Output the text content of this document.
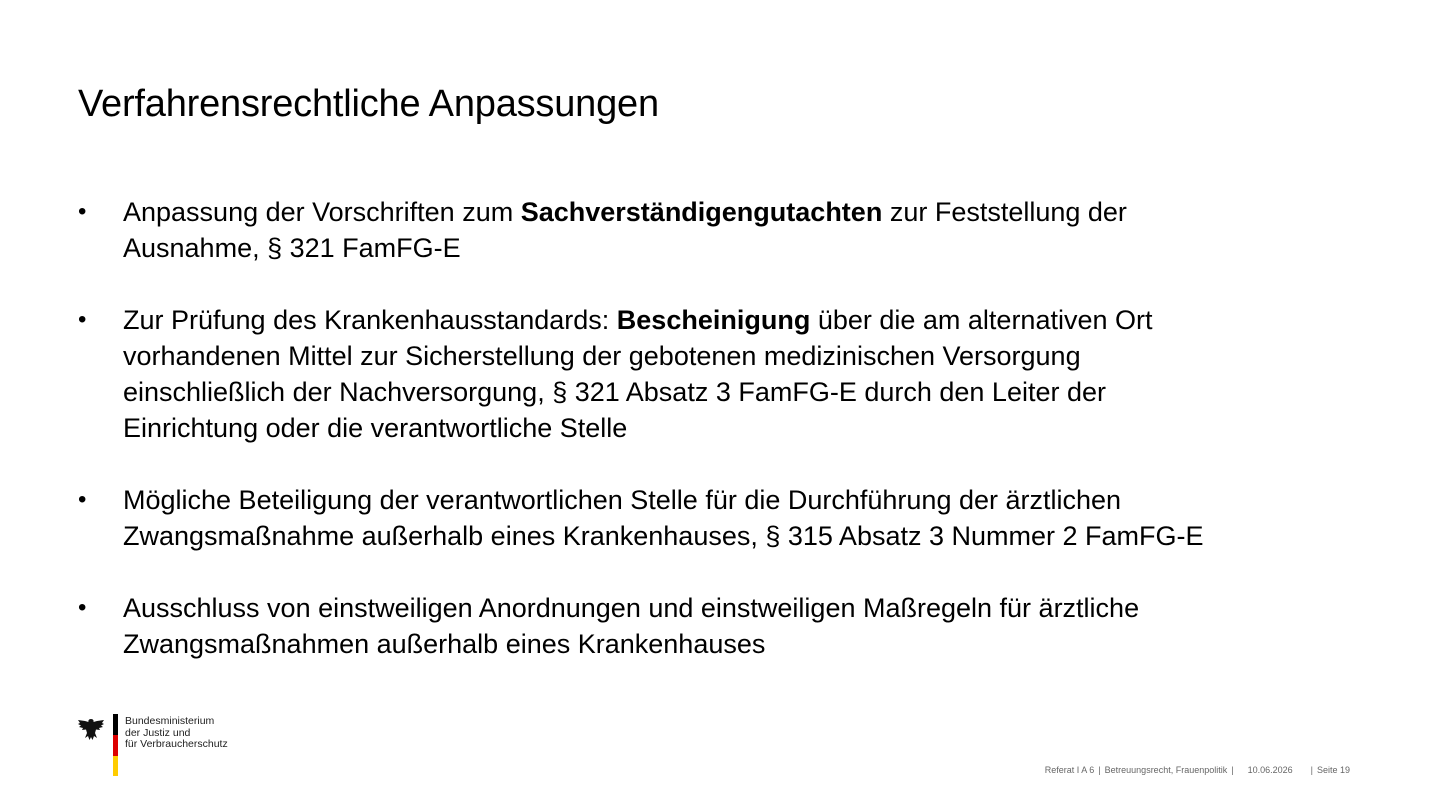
Verfahrensrechtliche Anpassungen
• Anpassung der Vorschriften zum Sachverständigengutachten zur Feststellung der
Ausnahme, § 321 FamFG-E
• Zur Prüfung des Krankenhausstandards: Bescheinigung über die am alternativen Ort
vorhandenen Mittel zur Sicherstellung der gebotenen medizinischen Versorgung
einschließlich der Nachversorgung, § 321 Absatz 3 FamFG-E durch den Leiter der
Einrichtung oder die verantwortliche Stelle
• Mögliche Beteiligung der verantwortlichen Stelle für die Durchführung der ärztlichen
Zwangsmaßnahme außerhalb eines Krankenhauses, § 315 Absatz 3 Nummer 2 FamFG-E
• Ausschluss von einstweiligen Anordnungen und einstweiligen Maßregeln für ärztliche
Zwangsmaßnahmen außerhalb eines Krankenhauses
Bundesministerium
der Justiz und
für Verbraucherschutz
Referat I A 6 | Betreuungsrecht, Frauenpolitik | 10.06.2026 | Seite 19
